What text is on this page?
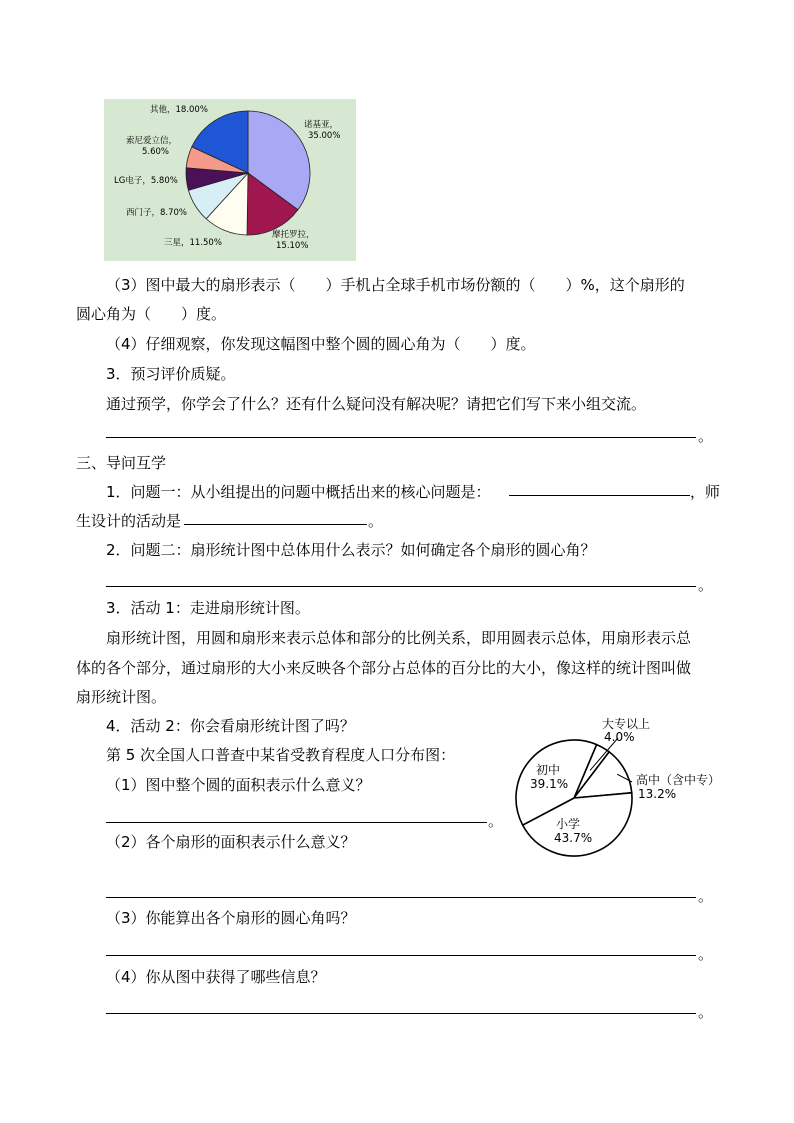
诺基亚，
35.00%
摩托罗拉，
15.10%
三星，11.50%
西门子，8.70%
LG电子，5.80%
索尼爱立信，
5.60%
其他，18.00%
大专以上
4.0%
高中（含中专）
13.2%
小学
43.7%
初中
39.1%
（3）图中最大的扇形表示（　　）手机占全球手机市场份额的（　　）%，这个扇形的
圆心角为（　　）度。
（4）仔细观察，你发现这幅图中整个圆的圆心角为（　　）度。
3．预习评价质疑。
通过预学，你学会了什么？还有什么疑问没有解决呢？请把它们写下来小组交流。
。
三、导问互学
1．问题一：从小组提出的问题中概括出来的核心问题是：	，师
生设计的活动是	。
2．问题二：扇形统计图中总体用什么表示？如何确定各个扇形的圆心角？
。
3．活动 1：走进扇形统计图。
扇形统计图，用圆和扇形来表示总体和部分的比例关系，即用圆表示总体，用扇形表示总
体的各个部分，通过扇形的大小来反映各个部分占总体的百分比的大小，像这样的统计图叫做
扇形统计图。
4．活动 2：你会看扇形统计图了吗？
第 5 次全国人口普查中某省受教育程度人口分布图：
（1）图中整个圆的面积表示什么意义？
。
（2）各个扇形的面积表示什么意义？
。
（3）你能算出各个扇形的圆心角吗？
。
（4）你从图中获得了哪些信息？
。
